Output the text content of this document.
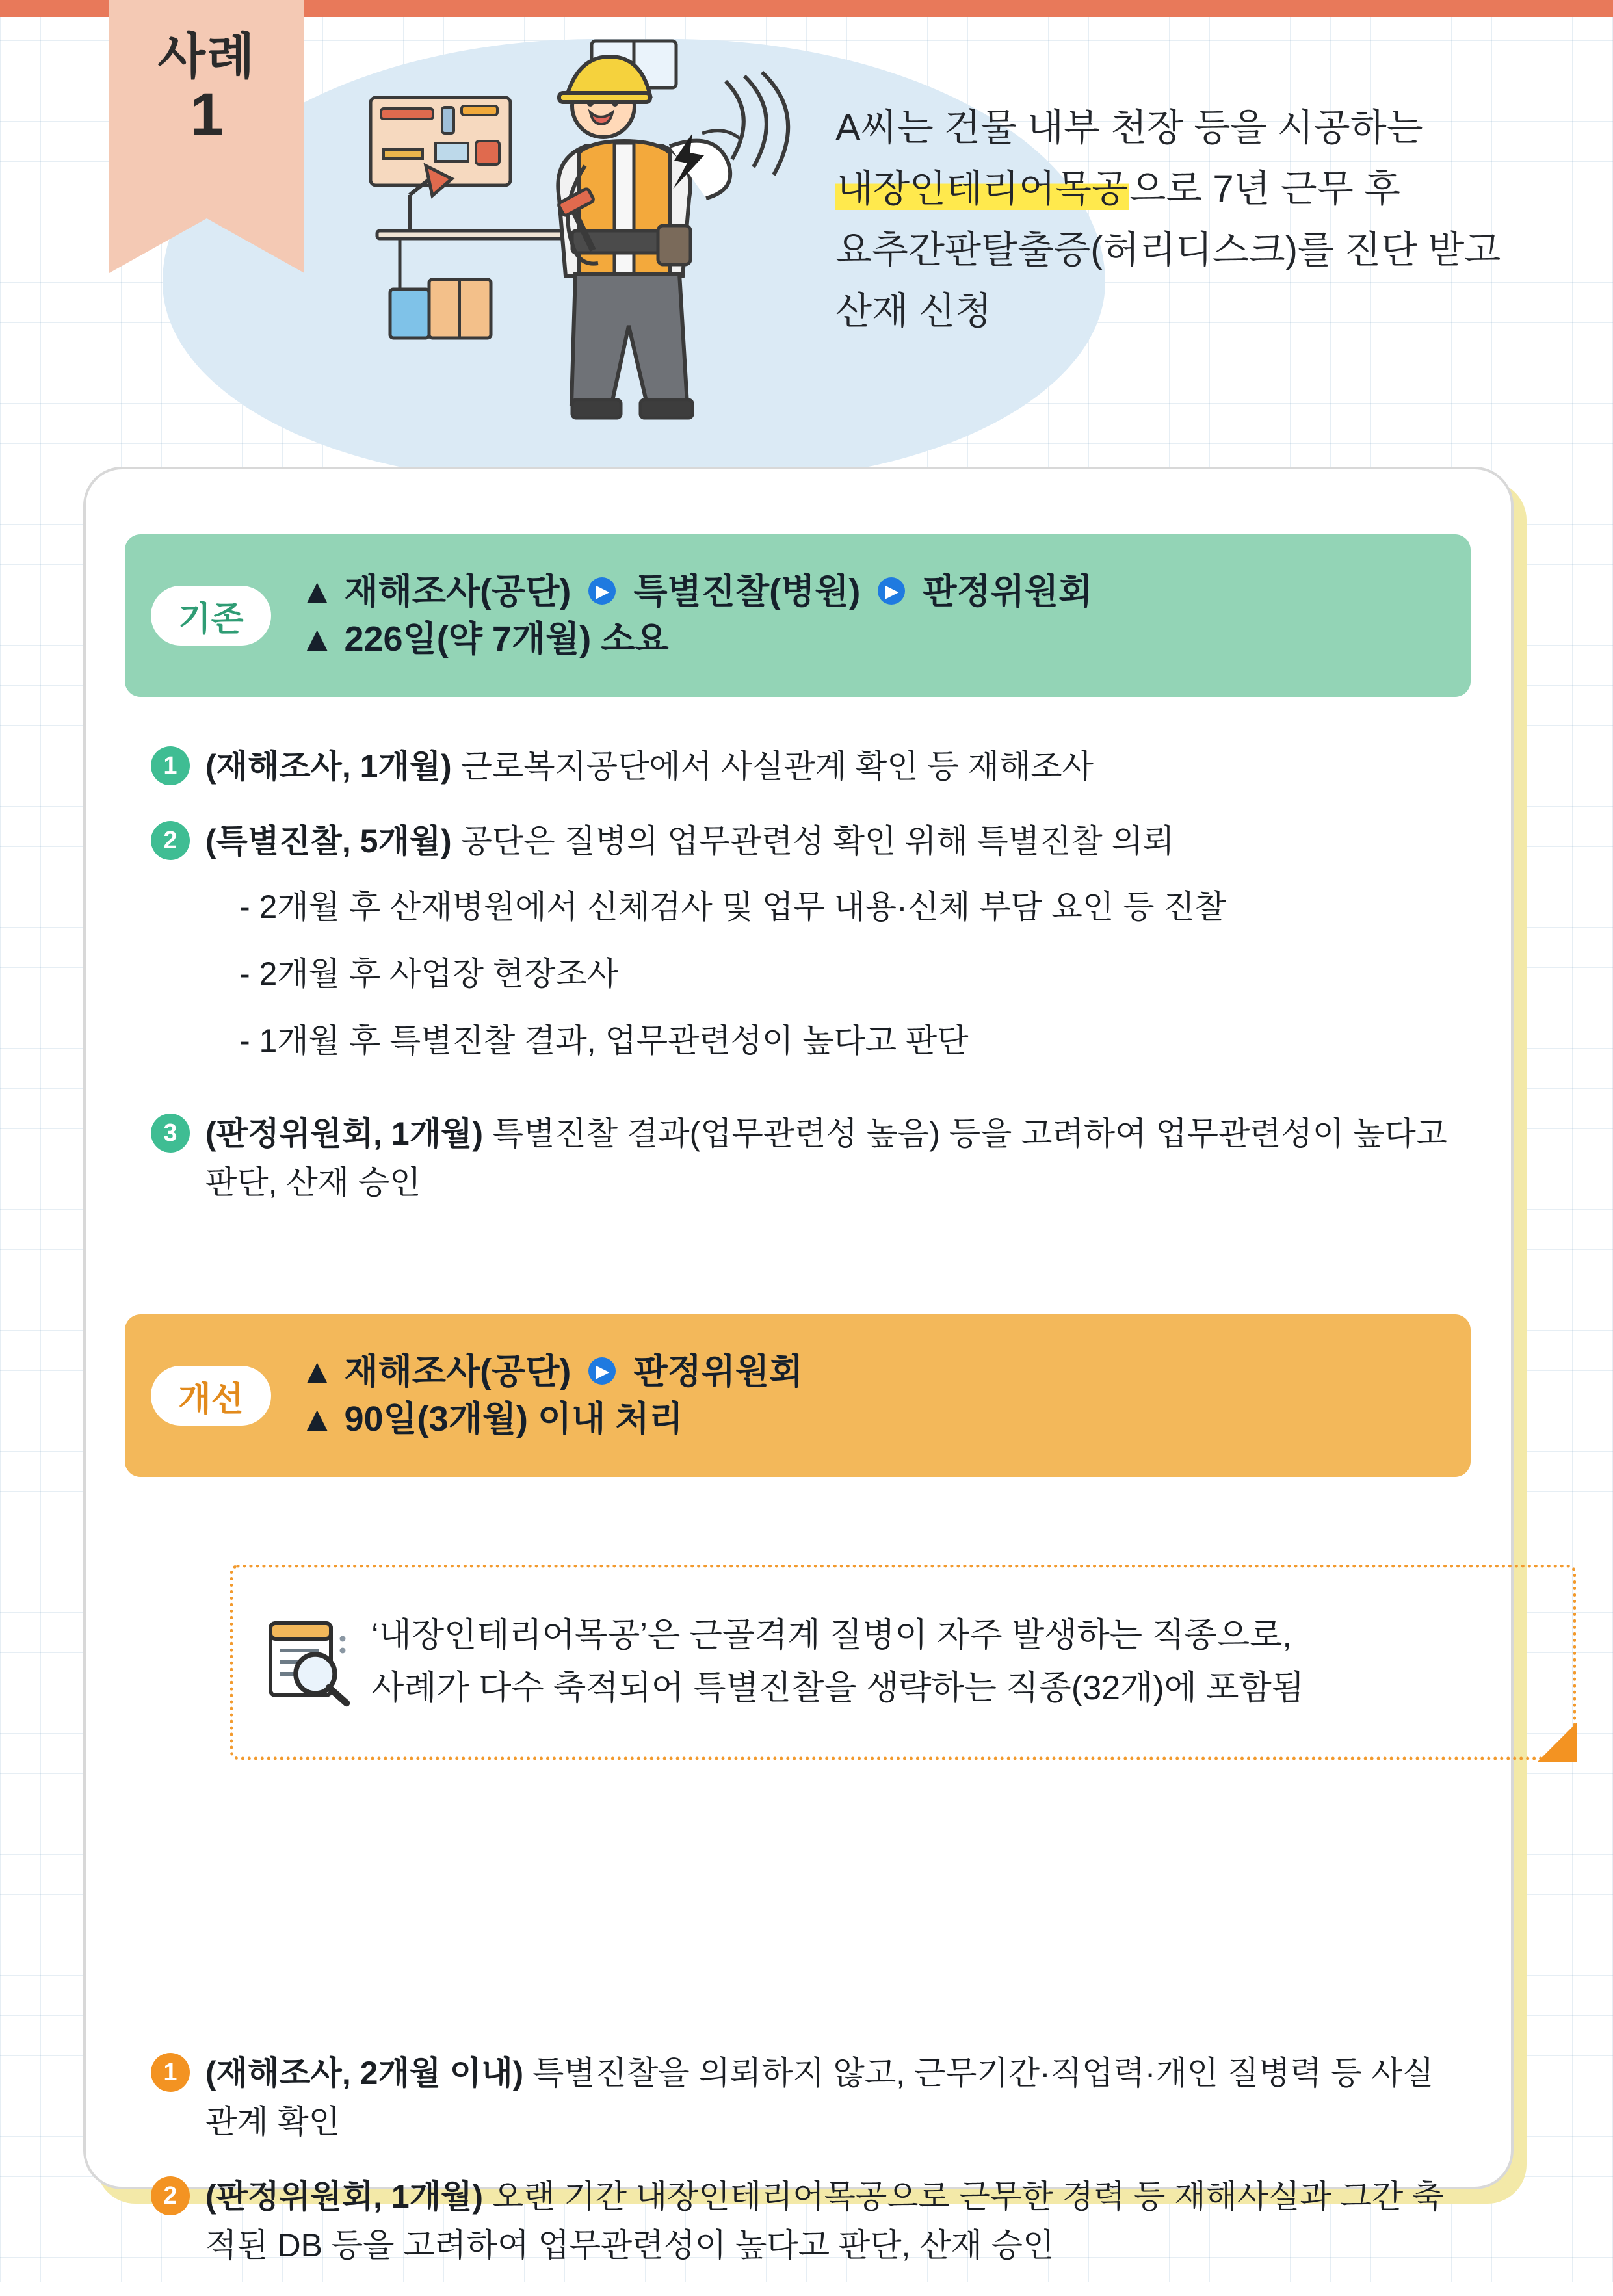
사례
1	A씨는 건물 내부 천장 등을 시공하는
내장인테리어목공으로 7년 근무 후
요추간판탈출증(허리디스크)를 진단 받고
산재 신청
기존
▲ 재해조사(공단) ▶ 특별진찰(병원) ▶ 판정위원회
▲ 226일(약 7개월) 소요
1 (재해조사, 1개월) 근로복지공단에서 사실관계 확인 등 재해조사
2 (특별진찰, 5개월) 공단은 질병의 업무관련성 확인 위해 특별진찰 의뢰
- 2개월 후 산재병원에서 신체검사 및 업무 내용·신체 부담 요인 등 진찰
- 2개월 후 사업장 현장조사
- 1개월 후 특별진찰 결과, 업무관련성이 높다고 판단
3 (판정위원회, 1개월) 특별진찰 결과(업무관련성 높음) 등을 고려하여 업무관련성이 높다고 판단, 산재 승인
개선
▲ 재해조사(공단) ▶ 판정위원회
▲ 90일(3개월) 이내 처리
‘내장인테리어목공’은 근골격계 질병이 자주 발생하는 직종으로,
사례가 다수 축적되어 특별진찰을 생략하는 직종(32개)에 포함됨
1 (재해조사, 2개월 이내) 특별진찰을 의뢰하지 않고, 근무기간·직업력·개인 질병력 등 사실관계 확인
2 (판정위원회, 1개월) 오랜 기간 내장인테리어목공으로 근무한 경력 등 재해사실과 그간 축적된 DB 등을 고려하여 업무관련성이 높다고 판단, 산재 승인
